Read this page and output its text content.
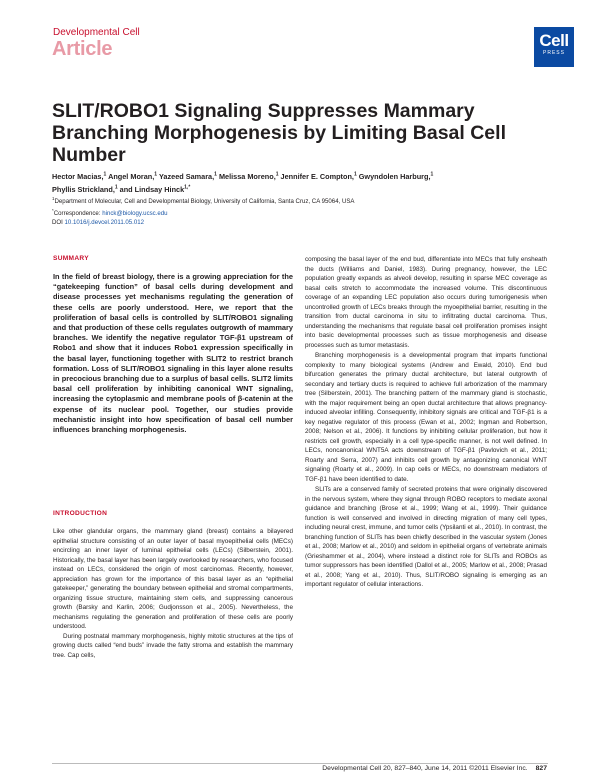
Developmental Cell
Article	Cell
PRESS
SLIT/ROBO1 Signaling Suppresses Mammary Branching Morphogenesis by Limiting Basal Cell Number
Hector Macias,$^1$ Angel Moran,$^1$ Yazeed Samara,$^1$ Melissa Moreno,$^1$ Jennifer E. Compton,$^1$ Gwyndolen Harburg,$^1$
Phyllis Strickland,$^1$ and Lindsay Hinck$^{1,*}$
$^1$Department of Molecular, Cell and Developmental Biology, University of California, Santa Cruz, CA 95064, USA
*Correspondence: hinck@biology.ucsc.edu
DOI 10.1016/j.devcel.2011.05.012
SUMMARY

In the field of breast biology, there is a growing appreciation for the “gatekeeping function” of basal cells during development and disease processes yet mechanisms regulating the generation of these cells are poorly understood. Here, we report that the proliferation of basal cells is controlled by SLIT/ROBO1 signaling and that production of these cells regulates outgrowth of mammary branches. We identify the negative regulator TGF-β1 upstream of Robo1 and show that it induces Robo1 expression specifically in the basal layer, functioning together with SLIT2 to restrict branch formation. Loss of SLIT/ROBO1 signaling in this layer alone results in precocious branching due to a surplus of basal cells. SLIT2 limits basal cell proliferation by inhibiting canonical WNT signaling, increasing the cytoplasmic and membrane pools of β-catenin at the expense of its nuclear pool. Together, our studies provide mechanistic insight into how specification of basal cell number influences branching morphogenesis.

INTRODUCTION

Like other glandular organs, the mammary gland (breast) contains a bilayered epithelial structure consisting of an outer layer of basal myoepithelial cells (MECs) encircling an inner layer of luminal epithelial cells (LECs) (Silberstein, 2001). Historically, the basal layer has been largely overlooked by researchers, who focused instead on LECs, considered the origin of most carcinomas. Recently, however, appreciation has grown for the importance of this basal layer as an “epithelial gatekeeper,” generating the boundary between epithelial and stromal compartments, organizing tissue structure, maintaining stem cells, and suppressing cancerous growth (Barsky and Karlin, 2006; Gudjonsson et al., 2005). Nevertheless, the mechanisms regulating the generation and proliferation of these cells are poorly understood.

During postnatal mammary morphogenesis, highly mitotic structures at the tips of growing ducts called “end buds” invade the fatty stroma and establish the mammary tree. Cap cells,

composing the basal layer of the end bud, differentiate into MECs that fully ensheath the ducts (Williams and Daniel, 1983). During pregnancy, however, the LEC population greatly expands as alveoli develop, resulting in sparse MEC coverage as basal cells stretch to accommodate the increased volume. This discontinuous coverage of an expanding LEC population also occurs during tumorigenesis when uncontrolled growth of LECs breaks through the myoepithelial barrier, resulting in the transition from ductal carcinoma in situ to infiltrating ductal carcinoma. Thus, understanding the mechanisms that regulate basal cell proliferation promises insight into basic developmental processes such as tissue morphogenesis and disease processes such as tumor metastasis.

Branching morphogenesis is a developmental program that imparts functional complexity to many biological systems (Andrew and Ewald, 2010). End bud bifurcation generates the primary ductal architecture, but lateral outgrowth of secondary and tertiary ducts is required to achieve full arborization of the mammary tree (Silberstein, 2001). The branching pattern of the mammary gland is stochastic, with the major requirement being an open ductal architecture that allows pregnancy-induced alveolar infilling. Consequently, inhibitory signals are critical and TGF-β1 is a key negative regulator of this process (Ewan et al., 2002; Ingman and Robertson, 2008; Nelson et al., 2006). It functions by inhibiting cellular proliferation, but how it restricts cell growth, especially in a cell type-specific manner, is not well defined. In LECs, noncanonical WNT5A acts downstream of TGF-β1 (Pavlovich et al., 2011; Roarty and Serra, 2007) and inhibits cell growth by antagonizing canonical WNT signaling (Roarty et al., 2009). In cap cells or MECs, no downstream mediators of TGF-β1 have been identified to date.

SLITs are a conserved family of secreted proteins that were originally discovered in the nervous system, where they signal through ROBO receptors to mediate axonal guidance and branching (Brose et al., 1999; Wang et al., 1999). Their guidance function is well conserved and involved in directing migration of many cell types, including neural crest, immune, and tumor cells (Ypsilanti et al., 2010). In contrast, the branching function of SLITs has been chiefly described in the vascular system (Jones et al., 2008; Marlow et al., 2010) and seldom in epithelial organs of vertebrate animals (Grieshammer et al., 2004), where instead a distinct role for SLITs and ROBOs as tumor suppressors has been identified (Dallol et al., 2005; Marlow et al., 2008; Prasad et al., 2008; Yang et al., 2010). Thus, SLIT/ROBO signaling is emerging as an important regulator of cellular interactions.

Developmental Cell 20, 827–840, June 14, 2011 ©2011 Elsevier Inc. 827
